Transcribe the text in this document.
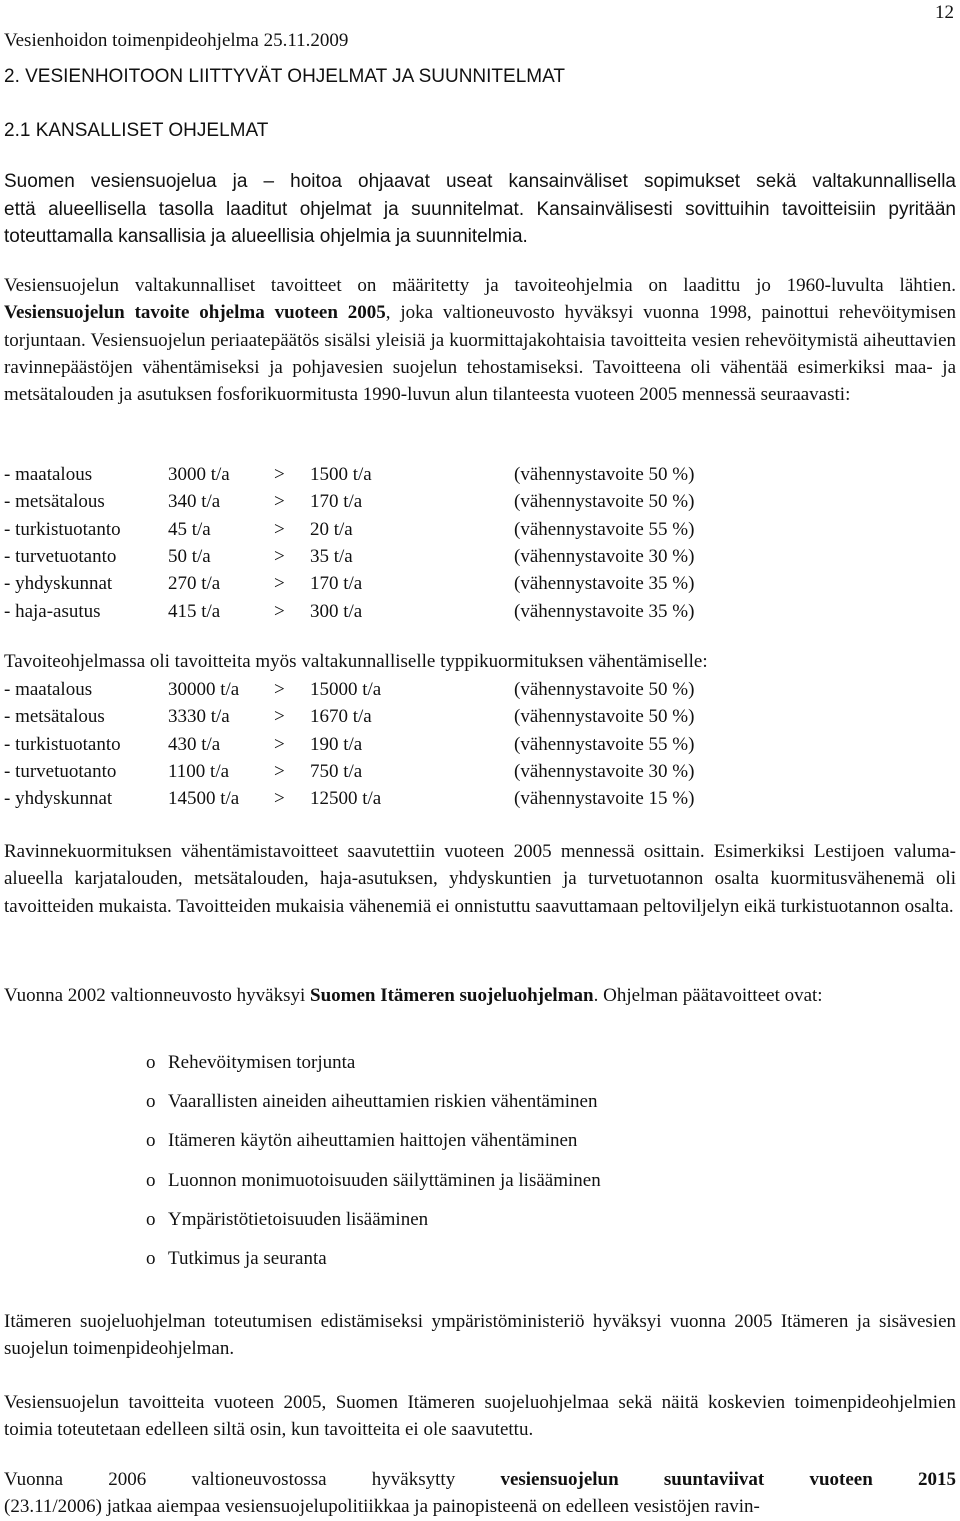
Vesienhoidon toimenpideohjelma 25.11.2009
12
2. VESIENHOITOON LIITTYVÄT OHJELMAT JA SUUNNITELMAT
2.1 KANSALLISET OHJELMAT
Suomen vesiensuojelua ja – hoitoa ohjaavat useat kansainväliset sopimukset sekä valtakunnallisella
että alueellisella tasolla laaditut ohjelmat ja suunnitelmat. Kansainvälisesti sovittuihin tavoitteisiin pyritään toteuttamalla kansallisia ja alueellisia ohjelmia ja suunnitelmia.

Vesiensuojelun valtakunnalliset tavoitteet on määritetty ja tavoiteohjelmia on laadittu jo 1960-luvulta lähtien. Vesiensuojelun tavoite ohjelma vuoteen 2005, joka valtioneuvosto hyväksyi vuonna 1998, painottui rehevöitymisen torjuntaan. Vesiensuojelun periaatepäätös sisälsi yleisiä ja kuormittajakohtaisia tavoitteita vesien rehevöitymistä aiheuttavien ravinnepäästöjen vähentämiseksi ja pohjavesien suojelun tehostamiseksi. Tavoitteena oli vähentää esimerkiksi maa- ja metsätalouden ja asutuksen fosforikuormitusta 1990-luvun alun tilanteesta vuoteen 2005 mennessä seuraavasti:

- maatalous	3000 t/a > 1500 t/a	(vähennystavoite 50 %)
- metsätalous	340 t/a	> 170 t/a	(vähennystavoite 50 %)
- turkistuotanto 45 t/a	> 20 t/a	(vähennystavoite 55 %)
- turvetuotanto	50 t/a	> 35 t/a	(vähennystavoite 30 %)
- yhdyskunnat	270 t/a	> 170 t/a	(vähennystavoite 35 %)
- haja-asutus	415 t/a	> 300 t/a	(vähennystavoite 35 %)
Tavoiteohjelmassa oli tavoitteita myös valtakunnalliselle typpikuormituksen vähentämiselle:
- maatalous	30000 t/a > 15000 t/a	(vähennystavoite 50 %)
- metsätalous	3330 t/a > 1670 t/a	(vähennystavoite 50 %)
- turkistuotanto 430 t/a	> 190 t/a	(vähennystavoite 55 %)
- turvetuotanto	1100 t/a > 750 t/a	(vähennystavoite 30 %)
- yhdyskunnat	14500 t/a > 12500 t/a	(vähennystavoite 15 %)

Ravinnekuormituksen vähentämistavoitteet saavutettiin vuoteen 2005 mennessä osittain. Esimerkiksi Lestijoen valuma-alueella karjatalouden, metsätalouden, haja-asutuksen, yhdyskuntien ja turvetuotannon osalta kuormitusvähenemä oli tavoitteiden mukaista. Tavoitteiden mukaisia vähenemiä ei onnistuttu saavuttamaan peltoviljelyn eikä turkistuotannon osalta.

Vuonna 2002 valtionneuvosto hyväksyi Suomen Itämeren suojeluohjelman. Ohjelman päätavoitteet ovat:

o Rehevöitymisen torjunta
o Vaarallisten aineiden aiheuttamien riskien vähentäminen
o Itämeren käytön aiheuttamien haittojen vähentäminen
o Luonnon monimuotoisuuden säilyttäminen ja lisääminen
o Ympäristötietoisuuden lisääminen
o Tutkimus ja seuranta

Itämeren suojeluohjelman toteutumisen edistämiseksi ympäristöministeriö hyväksyi vuonna 2005 Itämeren ja sisävesien suojelun toimenpideohjelman.

Vesiensuojelun tavoitteita vuoteen 2005, Suomen Itämeren suojeluohjelmaa sekä näitä koskevien toimenpideohjelmien toimia toteutetaan edelleen siltä osin, kun tavoitteita ei ole saavutettu.

Vuonna 2006 valtioneuvostossa hyväksytty vesiensuojelun suuntaviivat vuoteen 2015
(23.11/2006) jatkaa aiempaa vesiensuojelupolitiikkaa ja painopisteenä on edelleen vesistöjen ravin-
